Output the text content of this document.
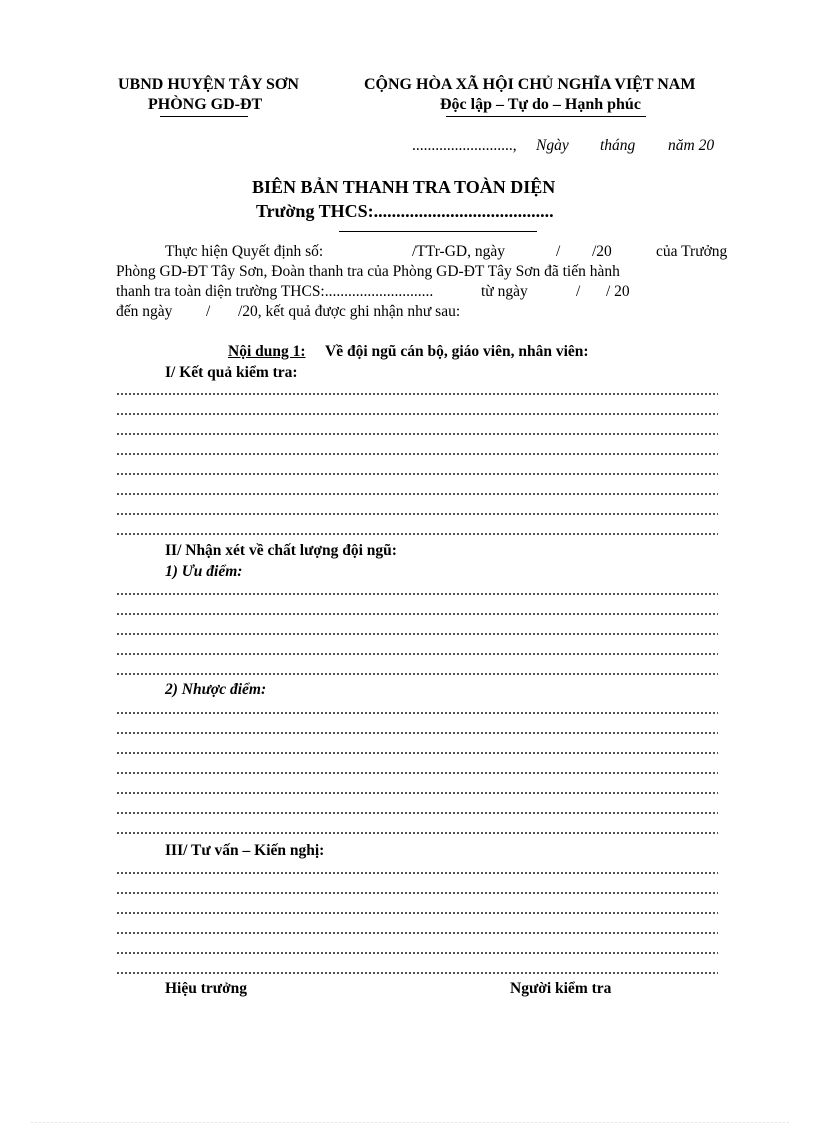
UBND HUYỆN TÂY SƠN
PHÒNG GD-ĐT
CỘNG HÒA XÃ HỘI CHỦ NGHĨA VIỆT NAM
Độc lập – Tự do – Hạnh phúc
.........................., Ngày tháng năm 20
BIÊN BẢN THANH TRA TOÀN DIỆN
Trường THCS:........................................
Thực hiện Quyết định số:	/TTr-GD, ngày	/ /20	của Trưởng
Phòng GD-ĐT Tây Sơn, Đoàn thanh tra của Phòng GD-ĐT Tây Sơn đã tiến hành
thanh tra toàn diện trường THCS:............................	từ ngày	/ / 20
đến ngày / /20, kết quả được ghi nhận như sau:
Nội dung 1: Về đội ngũ cán bộ, giáo viên, nhân viên:
I/ Kết quả kiểm tra:
II/ Nhận xét về chất lượng đội ngũ:
1) Ưu điểm:
2) Nhược điểm:
III/ Tư vấn – Kiến nghị:
Hiệu trưởng	Người kiểm tra
